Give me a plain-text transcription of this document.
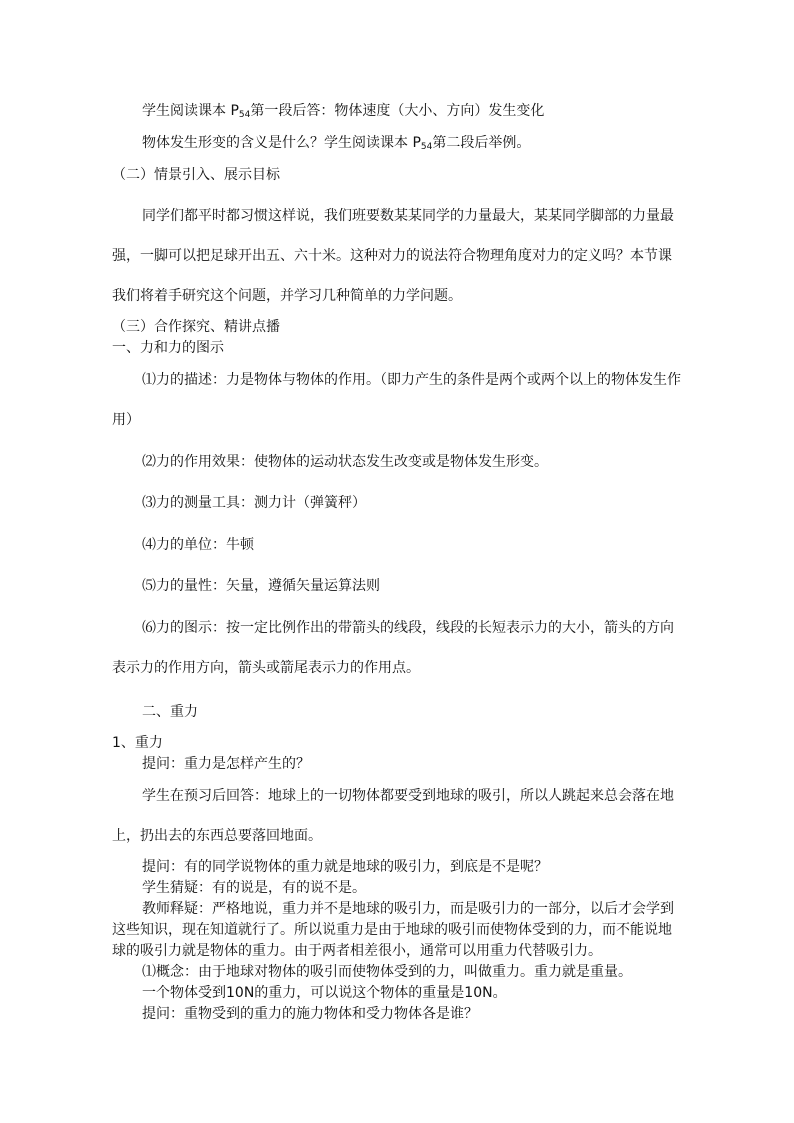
学生阅读课本 $P_{54}$第一段后答：物体速度（大小、方向）发生变化
物体发生形变的含义是什么？学生阅读课本 $P_{54}$第二段后举例。
（二）情景引入、展示目标
同学们都平时都习惯这样说，我们班要数某某同学的力量最大，某某同学脚部的力量最
强，一脚可以把足球开出五、六十米。这种对力的说法符合物理角度对力的定义吗？本节课
我们将着手研究这个问题，并学习几种简单的力学问题。
（三）合作探究、精讲点播
一、力和力的图示
⑴力的描述：力是物体与物体的作用。（即力产生的条件是两个或两个以上的物体发生作
用）
⑵力的作用效果：使物体的运动状态发生改变或是物体发生形变。
⑶力的测量工具：测力计（弹簧秤）
⑷力的单位：牛顿
⑸力的量性：矢量，遵循矢量运算法则
⑹力的图示：按一定比例作出的带箭头的线段，线段的长短表示力的大小，箭头的方向
表示力的作用方向，箭头或箭尾表示力的作用点。
二、重力
1、重力
提问：重力是怎样产生的？
学生在预习后回答：地球上的一切物体都要受到地球的吸引，所以人跳起来总会落在地
上，扔出去的东西总要落回地面。
提问：有的同学说物体的重力就是地球的吸引力，到底是不是呢？
学生猜疑：有的说是，有的说不是。
教师释疑：严格地说，重力并不是地球的吸引力，而是吸引力的一部分，以后才会学到
这些知识，现在知道就行了。所以说重力是由于地球的吸引而使物体受到的力，而不能说地
球的吸引力就是物体的重力。由于两者相差很小，通常可以用重力代替吸引力。
⑴概念：由于地球对物体的吸引而使物体受到的力，叫做重力。重力就是重量。
一个物体受到10N的重力，可以说这个物体的重量是10N。
提问：重物受到的重力的施力物体和受力物体各是谁？
